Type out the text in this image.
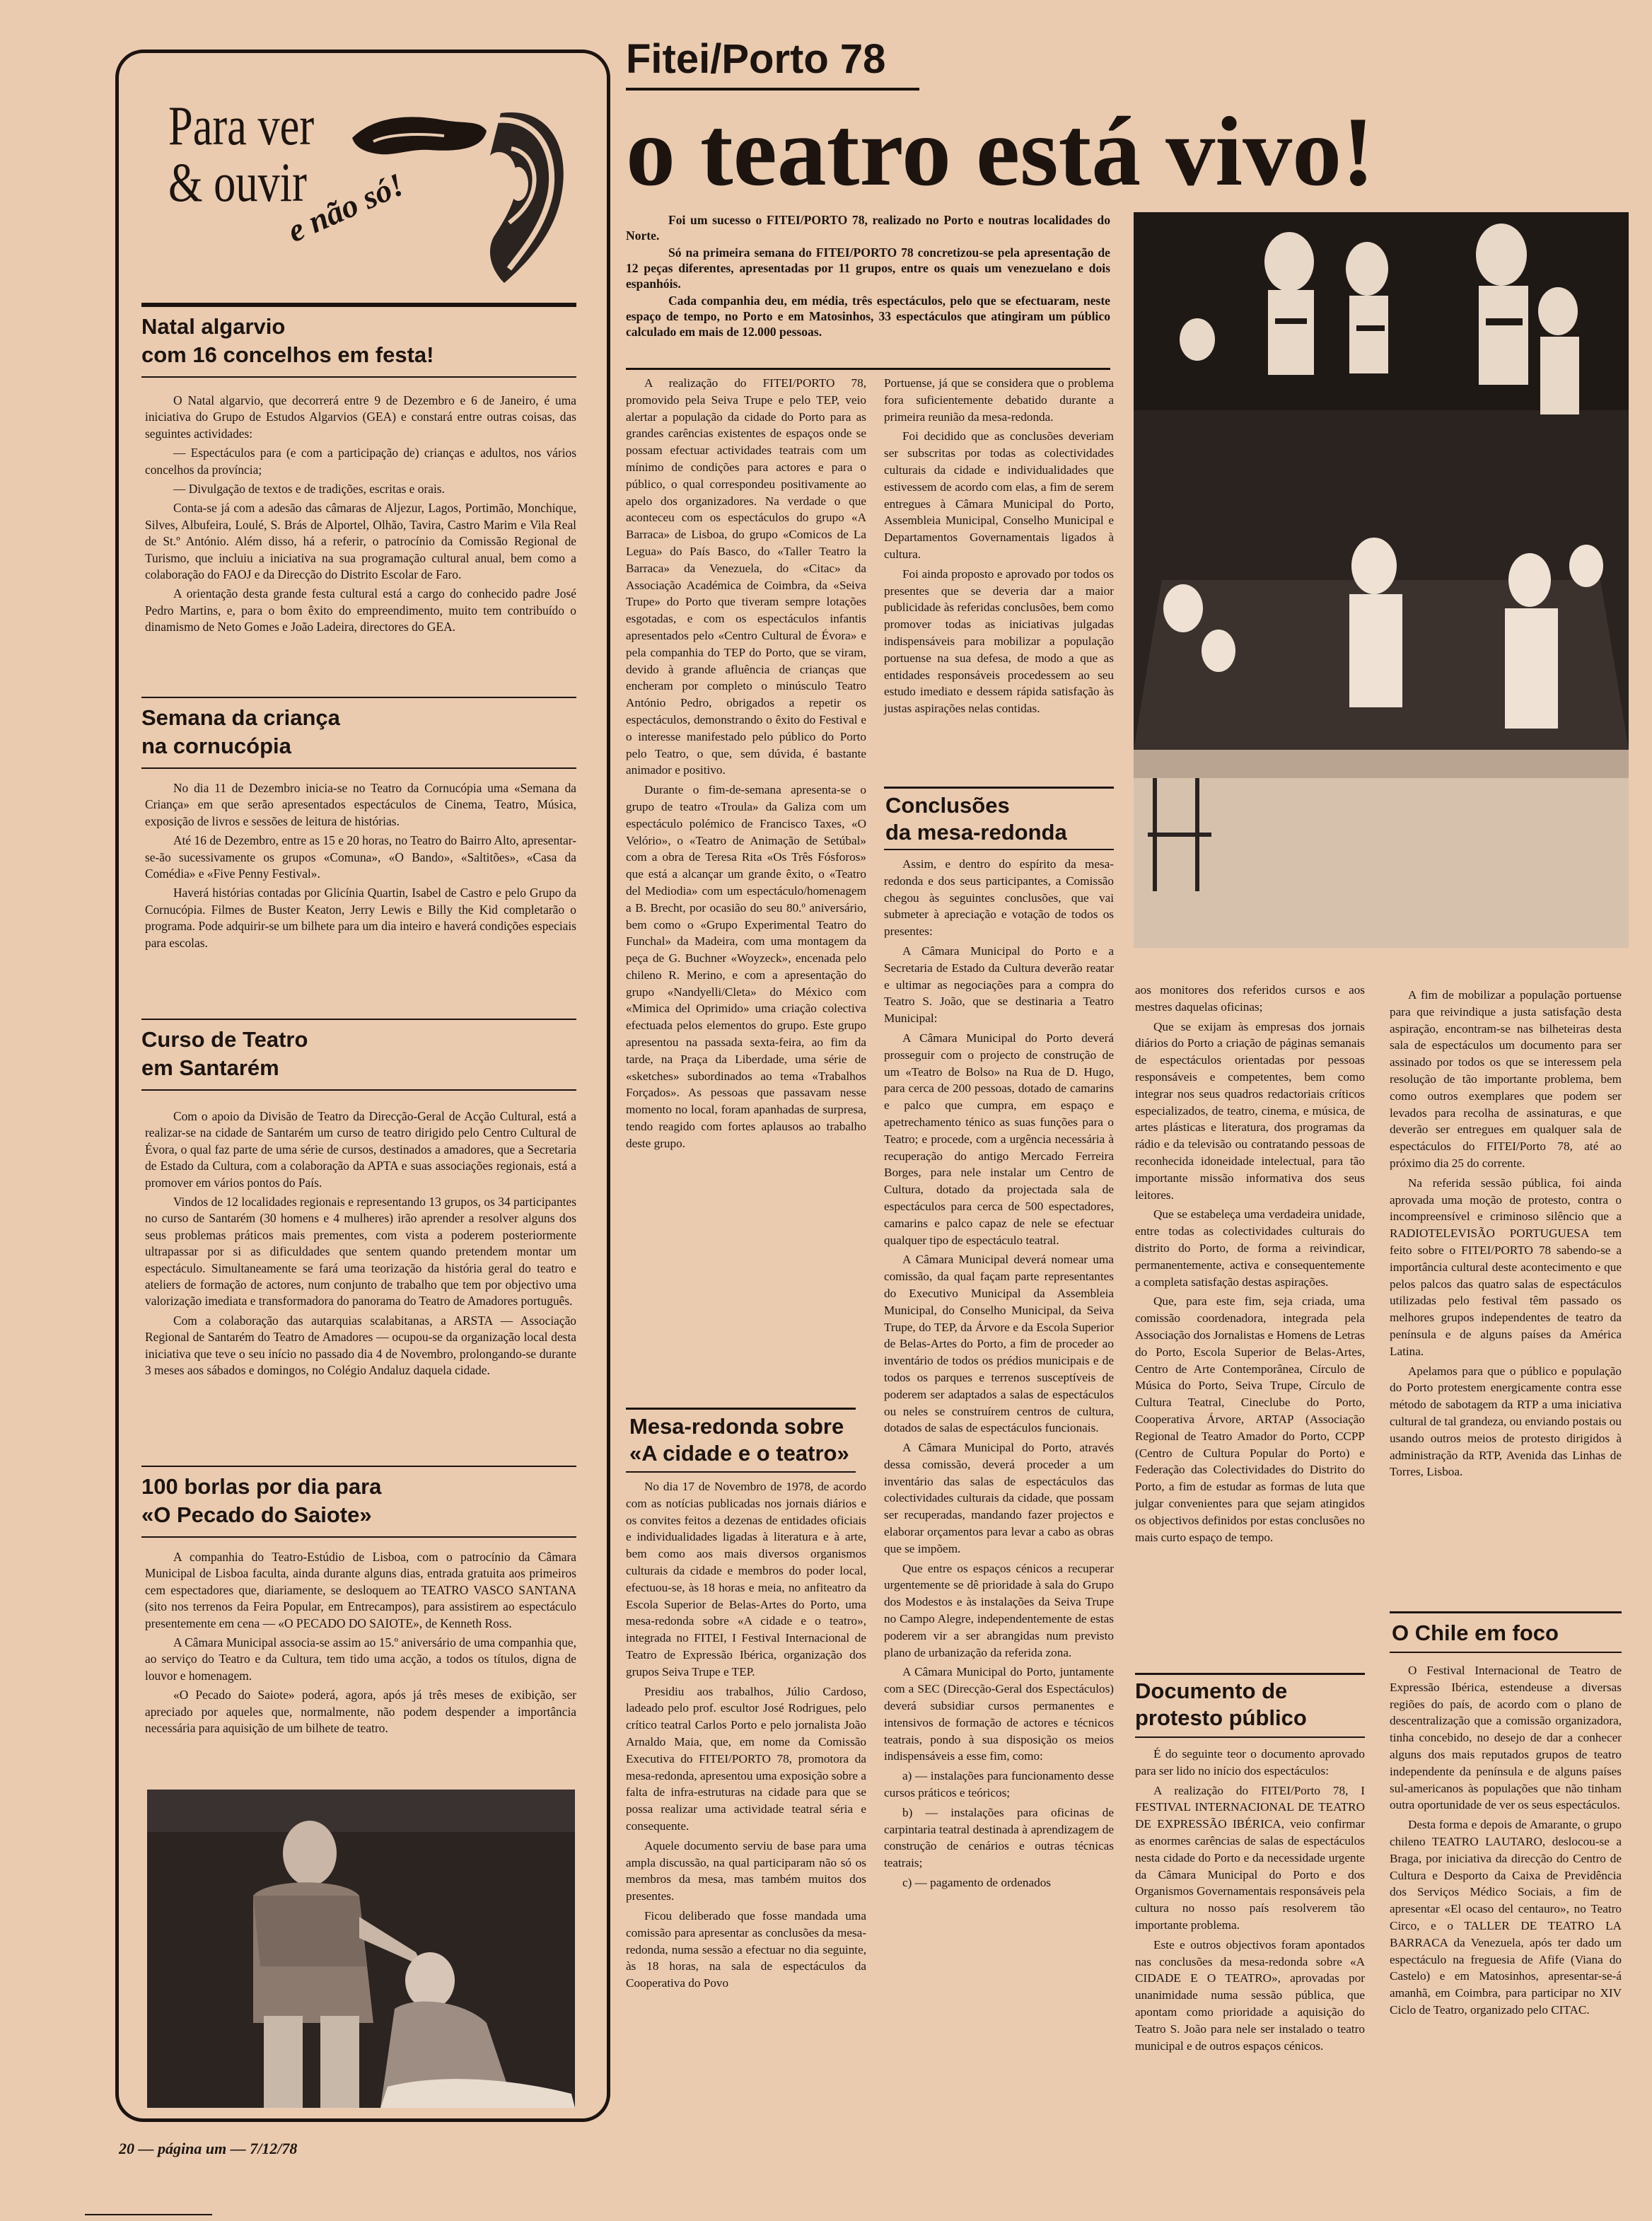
Para ver
& ouvir
e não só!
Natal algarvio
com 16 concelhos em festa!

O Natal algarvio, que decorrerá entre 9 de Dezembro e 6 de Janeiro, é uma iniciativa do Grupo de Estudos Algarvios (GEA) e constará entre outras coisas, das seguintes actividades:

— Espectáculos para (e com a participação de) crianças e adultos, nos vários concelhos da província;

— Divulgação de textos e de tradições, escritas e orais.

Conta-se já com a adesão das câmaras de Aljezur, Lagos, Portimão, Monchique, Silves, Albufeira, Loulé, S. Brás de Alportel, Olhão, Tavira, Castro Marim e Vila Real de St.º António. Além disso, há a referir, o patrocínio da Comissão Regional de Turismo, que incluiu a iniciativa na sua programação cultural anual, bem como a colaboração do FAOJ e da Direcção do Distrito Escolar de Faro.

A orientação desta grande festa cultural está a cargo do conhecido padre José Pedro Martins, e, para o bom êxito do empreendimento, muito tem contribuído o dinamismo de Neto Gomes e João Ladeira, directores do GEA.

Semana da criança
na cornucópia

No dia 11 de Dezembro inicia-se no Teatro da Cornucópia uma «Semana da Criança» em que serão apresentados espectáculos de Cinema, Teatro, Música, exposição de livros e sessões de leitura de histórias.

Até 16 de Dezembro, entre as 15 e 20 horas, no Teatro do Bairro Alto, apresentar-se-ão sucessivamente os grupos «Comuna», «O Bando», «Saltitões», «Casa da Comédia» e «Five Penny Festival».

Haverá histórias contadas por Glicínia Quartin, Isabel de Castro e pelo Grupo da Cornucópia. Filmes de Buster Keaton, Jerry Lewis e Billy the Kid completarão o programa. Pode adquirir-se um bilhete para um dia inteiro e haverá condições especiais para escolas.

Curso de Teatro
em Santarém

Com o apoio da Divisão de Teatro da Direcção-Geral de Acção Cultural, está a realizar-se na cidade de Santarém um curso de teatro dirigido pelo Centro Cultural de Évora, o qual faz parte de uma série de cursos, destinados a amadores, que a Secretaria de Estado da Cultura, com a colaboração da APTA e suas associações regionais, está a promover em vários pontos do País.

Vindos de 12 localidades regionais e representando 13 grupos, os 34 participantes no curso de Santarém (30 homens e 4 mulheres) irão aprender a resolver alguns dos seus problemas práticos mais prementes, com vista a poderem posteriormente ultrapassar por si as dificuldades que sentem quando pretendem montar um espectáculo. Simultaneamente se fará uma teorização da história geral do teatro e ateliers de formação de actores, num conjunto de trabalho que tem por objectivo uma valorização imediata e transformadora do panorama do Teatro de Amadores português.

Com a colaboração das autarquias scalabitanas, a ARSTA — Associação Regional de Santarém do Teatro de Amadores — ocupou-se da organização local desta iniciativa que teve o seu início no passado dia 4 de Novembro, prolongando-se durante 3 meses aos sábados e domingos, no Colégio Andaluz daquela cidade.

100 borlas por dia para
«O Pecado do Saiote»

A companhia do Teatro-Estúdio de Lisboa, com o patrocínio da Câmara Municipal de Lisboa faculta, ainda durante alguns dias, entrada gratuita aos primeiros cem espectadores que, diariamente, se desloquem ao TEATRO VASCO SANTANA (sito nos terrenos da Feira Popular, em Entrecampos), para assistirem ao espectáculo presentemente em cena — «O PECADO DO SAIOTE», de Kenneth Ross.

A Câmara Municipal associa-se assim ao 15.º aniversário de uma companhia que, ao serviço do Teatro e da Cultura, tem tido uma acção, a todos os títulos, digna de louvor e homenagem.

«O Pecado do Saiote» poderá, agora, após já três meses de exibição, ser apreciado por aqueles que, normalmente, não podem despender a importância necessária para aquisição de um bilhete de teatro.

Fitei/Porto 78
o teatro está vivo!

Foi um sucesso o FITEI/PORTO 78, realizado no Porto e noutras localidades do Norte.

Só na primeira semana do FITEI/PORTO 78 concretizou-se pela apresentação de 12 peças diferentes, apresentadas por 11 grupos, entre os quais um venezuelano e dois espanhóis.

Cada companhia deu, em média, três espectáculos, pelo que se efectuaram, neste espaço de tempo, no Porto e em Matosinhos, 33 espectáculos que atingiram um público calculado em mais de 12.000 pessoas.

A realização do FITEI/PORTO 78, promovido pela Seiva Trupe e pelo TEP, veio alertar a população da cidade do Porto para as grandes carências existentes de espaços onde se possam efectuar actividades teatrais com um mínimo de condições para actores e para o público, o qual correspondeu positivamente ao apelo dos organizadores. Na verdade o que aconteceu com os espectáculos do grupo «A Barraca» de Lisboa, do grupo «Comicos de La Legua» do País Basco, do «Taller Teatro la Barraca» da Venezuela, do «Citac» da Associação Académica de Coimbra, da «Seiva Trupe» do Porto que tiveram sempre lotações esgotadas, e com os espectáculos infantis apresentados pelo «Centro Cultural de Évora» e pela companhia do TEP do Porto, que se viram, devido à grande afluência de crianças que encheram por completo o minúsculo Teatro António Pedro, obrigados a repetir os espectáculos, demonstrando o êxito do Festival e o interesse manifestado pelo público do Porto pelo Teatro, o que, sem dúvida, é bastante animador e positivo.

Durante o fim-de-semana apresenta-se o grupo de teatro «Troula» da Galiza com um espectáculo polémico de Francisco Taxes, «O Velório», o «Teatro de Animação de Setúbal» com a obra de Teresa Rita «Os Três Fósforos» que está a alcançar um grande êxito, o «Teatro del Mediodia» com um espectáculo/homenagem a B. Brecht, por ocasião do seu 80.º aniversário, bem como o «Grupo Experimental Teatro do Funchal» da Madeira, com uma montagem da peça de G. Buchner «Woyzeck», encenada pelo chileno R. Merino, e com a apresentação do grupo «Nandyelli/Cleta» do México com «Mimica del Oprimido» uma criação colectiva efectuada pelos elementos do grupo. Este grupo apresentou na passada sexta-feira, ao fim da tarde, na Praça da Liberdade, uma série de «sketches» subordinados ao tema «Trabalhos Forçados». As pessoas que passavam nesse momento no local, foram apanhadas de surpresa, tendo reagido com fortes aplausos ao trabalho deste grupo.

Mesa-redonda sobre
«A cidade e o teatro»

No dia 17 de Novembro de 1978, de acordo com as notícias publicadas nos jornais diários e os convites feitos a dezenas de entidades oficiais e individualidades ligadas à literatura e à arte, bem como aos mais diversos organismos culturais da cidade e membros do poder local, efectuou-se, às 18 horas e meia, no anfiteatro da Escola Superior de Belas-Artes do Porto, uma mesa-redonda sobre «A cidade e o teatro», integrada no FITEI, I Festival Internacional de Teatro de Expressão Ibérica, organização dos grupos Seiva Trupe e TEP.

Presidiu aos trabalhos, Júlio Cardoso, ladeado pelo prof. escultor José Rodrigues, pelo crítico teatral Carlos Porto e pelo jornalista João Arnaldo Maia, que, em nome da Comissão Executiva do FITEI/PORTO 78, promotora da mesa-redonda, apresentou uma exposição sobre a falta de infra-estruturas na cidade para que se possa realizar uma actividade teatral séria e consequente.

Aquele documento serviu de base para uma ampla discussão, na qual participaram não só os membros da mesa, mas também muitos dos presentes.

Ficou deliberado que fosse mandada uma comissão para apresentar as conclusões da mesa-redonda, numa sessão a efectuar no dia seguinte, às 18 horas, na sala de espectáculos da Cooperativa do Povo

Portuense, já que se considera que o problema fora suficientemente debatido durante a primeira reunião da mesa-redonda.

Foi decidido que as conclusões deveriam ser subscritas por todas as colectividades culturais da cidade e individualidades que estivessem de acordo com elas, a fim de serem entregues à Câmara Municipal do Porto, Assembleia Municipal, Conselho Municipal e Departamentos Governamentais ligados à cultura.

Foi ainda proposto e aprovado por todos os presentes que se deveria dar a maior publicidade às referidas conclusões, bem como promover todas as iniciativas julgadas indispensáveis para mobilizar a população portuense na sua defesa, de modo a que as entidades responsáveis procedessem ao seu estudo imediato e dessem rápida satisfação às justas aspirações nelas contidas.

Conclusões
da mesa-redonda

Assim, e dentro do espírito da mesa-redonda e dos seus participantes, a Comissão chegou às seguintes conclusões, que vai submeter à apreciação e votação de todos os presentes:

A Câmara Municipal do Porto e a Secretaria de Estado da Cultura deverão reatar e ultimar as negociações para a compra do Teatro S. João, que se destinaria a Teatro Municipal:

A Câmara Municipal do Porto deverá prosseguir com o projecto de construção de um «Teatro de Bolso» na Rua de D. Hugo, para cerca de 200 pessoas, dotado de camarins e palco que cumpra, em espaço e apetrechamento ténico as suas funções para o Teatro; e procede, com a urgência necessária à recuperação do antigo Mercado Ferreira Borges, para nele instalar um Centro de Cultura, dotado da projectada sala de espectáculos para cerca de 500 espectadores, camarins e palco capaz de nele se efectuar qualquer tipo de espectáculo teatral.

A Câmara Municipal deverá nomear uma comissão, da qual façam parte representantes do Executivo Municipal da Assembleia Municipal, do Conselho Municipal, da Seiva Trupe, do TEP, da Árvore e da Escola Superior de Belas-Artes do Porto, a fim de proceder ao inventário de todos os prédios municipais e de todos os parques e terrenos susceptíveis de poderem ser adaptados a salas de espectáculos ou neles se construírem centros de cultura, dotados de salas de espectáculos funcionais.

A Câmara Municipal do Porto, através dessa comissão, deverá proceder a um inventário das salas de espectáculos das colectividades culturais da cidade, que possam ser recuperadas, mandando fazer projectos e elaborar orçamentos para levar a cabo as obras que se impõem.

Que entre os espaços cénicos a recuperar urgentemente se dê prioridade à sala do Grupo dos Modestos e às instalações da Seiva Trupe no Campo Alegre, independentemente de estas poderem vir a ser abrangidas num previsto plano de urbanização da referida zona.

A Câmara Municipal do Porto, juntamente com a SEC (Direcção-Geral dos Espectáculos) deverá subsidiar cursos permanentes e intensivos de formação de actores e técnicos teatrais, pondo à sua disposição os meios indispensáveis a esse fim, como:

a) — instalações para funcionamento desse cursos práticos e teóricos;

b) — instalações para oficinas de carpintaria teatral destinada à aprendizagem de construção de cenários e outras técnicas teatrais;

c) — pagamento de ordenados

aos monitores dos referidos cursos e aos mestres daquelas oficinas;

Que se exijam às empresas dos jornais diários do Porto a criação de páginas semanais de espectáculos orientadas por pessoas responsáveis e competentes, bem como integrar nos seus quadros redactoriais críticos especializados, de teatro, cinema, e música, de artes plásticas e literatura, dos programas da rádio e da televisão ou contratando pessoas de reconhecida idoneidade intelectual, para tão importante missão informativa dos seus leitores.

Que se estabeleça uma verdadeira unidade, entre todas as colectividades culturais do distrito do Porto, de forma a reivindicar, permanentemente, activa e consequentemente a completa satisfação destas aspirações.

Que, para este fim, seja criada, uma comissão coordenadora, integrada pela Associação dos Jornalistas e Homens de Letras do Porto, Escola Superior de Belas-Artes, Centro de Arte Contemporânea, Círculo de Música do Porto, Seiva Trupe, Círculo de Cultura Teatral, Cineclube do Porto, Cooperativa Árvore, ARTAP (Associação Regional de Teatro Amador do Porto, CCPP (Centro de Cultura Popular do Porto) e Federação das Colectividades do Distrito do Porto, a fim de estudar as formas de luta que julgar convenientes para que sejam atingidos os objectivos definidos por estas conclusões no mais curto espaço de tempo.

Documento de
protesto público

É do seguinte teor o documento aprovado para ser lido no início dos espectáculos:

A realização do FITEI/Porto 78, I FESTIVAL INTERNACIONAL DE TEATRO DE EXPRESSÃO IBÉRICA, veio confirmar as enormes carências de salas de espectáculos nesta cidade do Porto e da necessidade urgente da Câmara Municipal do Porto e dos Organismos Governamentais responsáveis pela cultura no nosso país resolverem tão importante problema.

Este e outros objectivos foram apontados nas conclusões da mesa-redonda sobre «A CIDADE E O TEATRO», aprovadas por unanimidade numa sessão pública, que apontam como prioridade a aquisição do Teatro S. João para nele ser instalado o teatro municipal e de outros espaços cénicos.

A fim de mobilizar a população portuense para que reivindique a justa satisfação desta aspiração, encontram-se nas bilheteiras desta sala de espectáculos um documento para ser assinado por todos os que se interessem pela resolução de tão importante problema, bem como outros exemplares que podem ser levados para recolha de assinaturas, e que deverão ser entregues em qualquer sala de espectáculos do FITEI/Porto 78, até ao próximo dia 25 do corrente.

Na referida sessão pública, foi ainda aprovada uma moção de protesto, contra o incompreensível e criminoso silêncio que a RADIOTELEVISÃO PORTUGUESA tem feito sobre o FITEI/PORTO 78 sabendo-se a importância cultural deste acontecimento e que pelos palcos das quatro salas de espectáculos utilizadas pelo festival têm passado os melhores grupos independentes de teatro da península e de alguns países da América Latina.

Apelamos para que o público e população do Porto protestem energicamente contra esse método de sabotagem da RTP a uma iniciativa cultural de tal grandeza, ou enviando postais ou usando outros meios de protesto dirigidos à administração da RTP, Avenida das Linhas de Torres, Lisboa.

O Chile em foco

O Festival Internacional de Teatro de Expressão Ibérica, estendeuse a diversas regiões do país, de acordo com o plano de descentralização que a comissão organizadora, tinha concebido, no desejo de dar a conhecer alguns dos mais reputados grupos de teatro independente da península e de alguns países sul-americanos às populações que não tinham outra oportunidade de ver os seus espectáculos.

Desta forma e depois de Amarante, o grupo chileno TEATRO LAUTARO, deslocou-se a Braga, por iniciativa da direcção do Centro de Cultura e Desporto da Caixa de Previdência dos Serviços Médico Sociais, a fim de apresentar «El ocaso del centauro», no Teatro Circo, e o TALLER DE TEATRO LA BARRACA da Venezuela, após ter dado um espectáculo na freguesia de Afife (Viana do Castelo) e em Matosinhos, apresentar-se-á amanhã, em Coimbra, para participar no XIV Ciclo de Teatro, organizado pelo CITAC.

20 — página um — 7/12/78
